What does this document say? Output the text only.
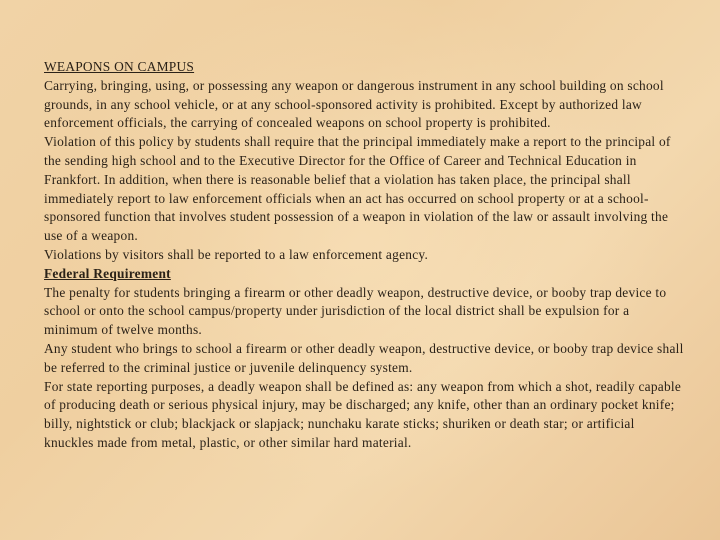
WEAPONS ON CAMPUS

Carrying, bringing, using, or possessing any weapon or dangerous instrument in any school building on school grounds, in any school vehicle, or at any school-sponsored activity is prohibited. Except by authorized law enforcement officials, the carrying of concealed weapons on school property is prohibited.

Violation of this policy by students shall require that the principal immediately make a report to the principal of the sending high school and to the Executive Director for the Office of Career and Technical Education in Frankfort. In addition, when there is reasonable belief that a violation has taken place, the principal shall immediately report to law enforcement officials when an act has occurred on school property or at a school-sponsored function that involves student possession of a weapon in violation of the law or assault involving the use of a weapon.

Violations by visitors shall be reported to a law enforcement agency.

Federal Requirement

The penalty for students bringing a firearm or other deadly weapon, destructive device, or booby trap device to school or onto the school campus/property under jurisdiction of the local district shall be expulsion for a minimum of twelve months.

Any student who brings to school a firearm or other deadly weapon, destructive device, or booby trap device shall be referred to the criminal justice or juvenile delinquency system.

For state reporting purposes, a deadly weapon shall be defined as: any weapon from which a shot, readily capable of producing death or serious physical injury, may be discharged; any knife, other than an ordinary pocket knife; billy, nightstick or club; blackjack or slapjack; nunchaku karate sticks; shuriken or death star; or artificial knuckles made from metal, plastic, or other similar hard material.
